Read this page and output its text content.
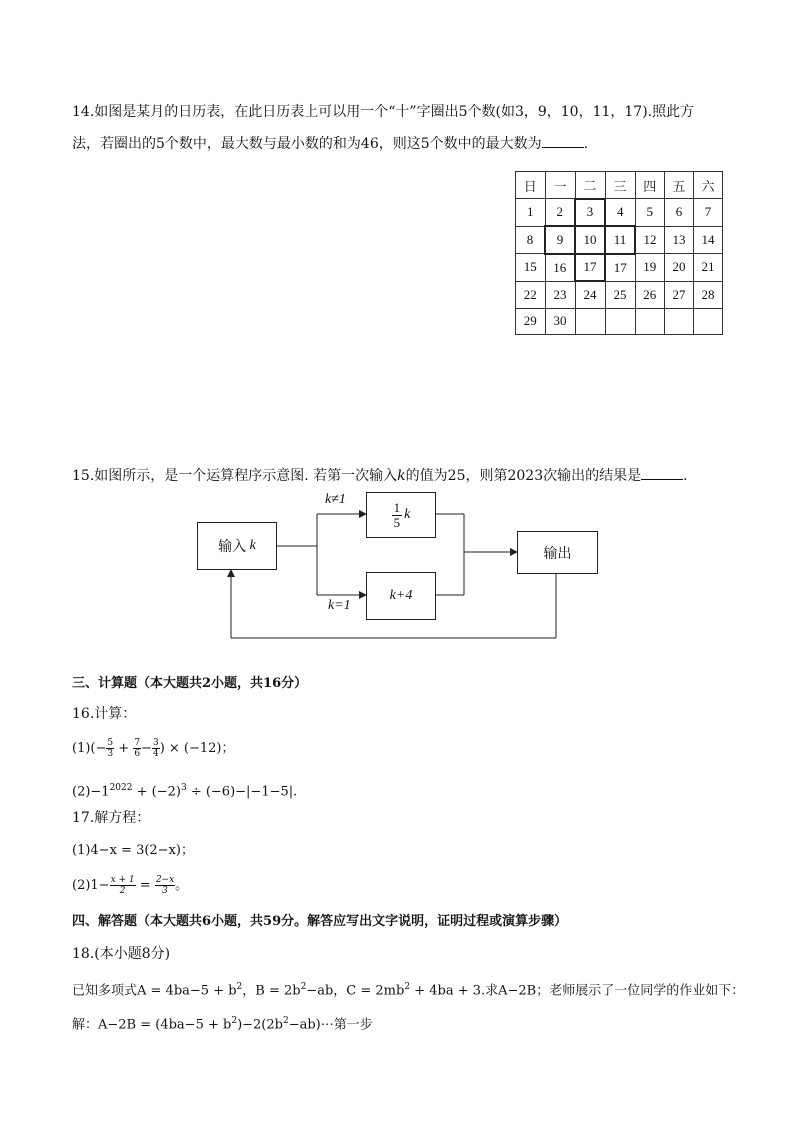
14.如图是某月的日历表，在此日历表上可以用一个“十”字圈出5个数(如3，9，10，11，17).照此方
法，若圈出的5个数中，最大数与最小数的和为46，则这5个数中的最大数为	.
日	一	二	三	四	五	六
1	2	3	4	5	6	7
8	9	10	11	12	13	14
15	16	17	17	19	20	21
22	23	24	25	26	27	28
29	30					
15.如图所示，是一个运算程序示意图. 若第一次输入k的值为25，则第2023次输出的结果是	.
输入
k
k≠1
k=1
$\frac{1}{5}$ k
k+4
输出
三、计算题（本大题共2小题，共16分）
16.计算：
$(1)(- \frac{5}{3} + \frac{7}{6} - \frac{3}{4}$ ) × (−12)；
$(2)-1^{2022} + (-2)^3 \div (-6)-|-1-5|$.
17.解方程：
(1)4−x = 3(2−x)；
$(2)1- \frac{x + 1}{2} = \frac{2-x}{3}$ 。
四、解答题（本大题共6小题，共59分。解答应写出文字说明，证明过程或演算步骤）
18.(本小题8分)
已知多项式$A = 4ba-5 + b^2$，$B = 2b^2-ab$，$C = 2mb^2 + 4ba + 3$.求A−2B；老师展示了一位同学的作业如下：
解：$A-2B = (4ba-5 + b^2)-2(2b^2-ab)\cdots$第一步
